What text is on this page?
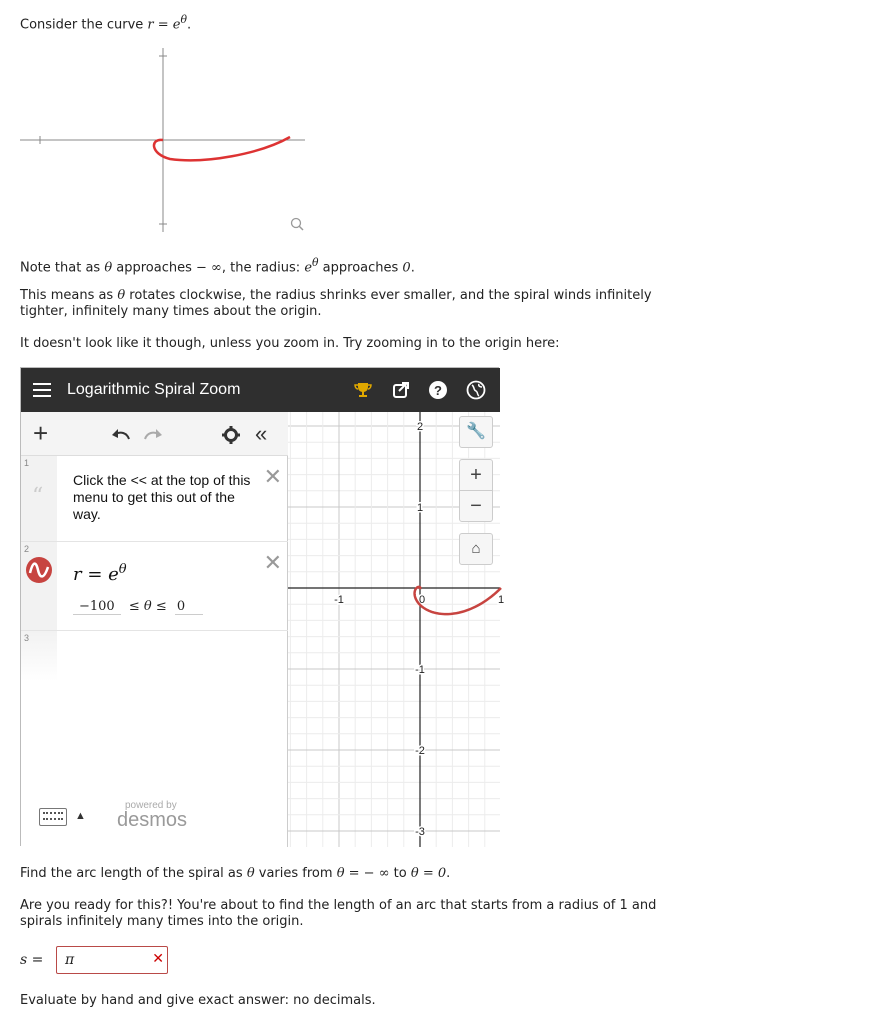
Consider the curve $r = e^\theta$.
Note that as θ approaches − ∞, the radius: $e^\theta$ approaches 0.
This means as θ rotates clockwise, the radius shrinks ever smaller, and the spiral winds infinitely tighter, infinitely many times about the origin.
It doesn't look like it though, unless you zoom in. Try zooming in to the origin here:
Logarithmic Spiral Zoom	?
+	«
1
“
Click the << at the top of this menu to get this out of the way.
✕
2
$r = e^\theta$
−100 ≤ θ ≤ 0
✕
3
▲
powered by
desmos
-1	0	1
2
1
-1
-2
-3
🔧
+
−
⌂
Find the arc length of the spiral as θ varies from θ = − ∞ to θ = 0.
Are you ready for this?! You're about to find the length of an arc that starts from a radius of 1 and spirals infinitely many times into the origin.
s = π	✕
Evaluate by hand and give exact answer: no decimals.
